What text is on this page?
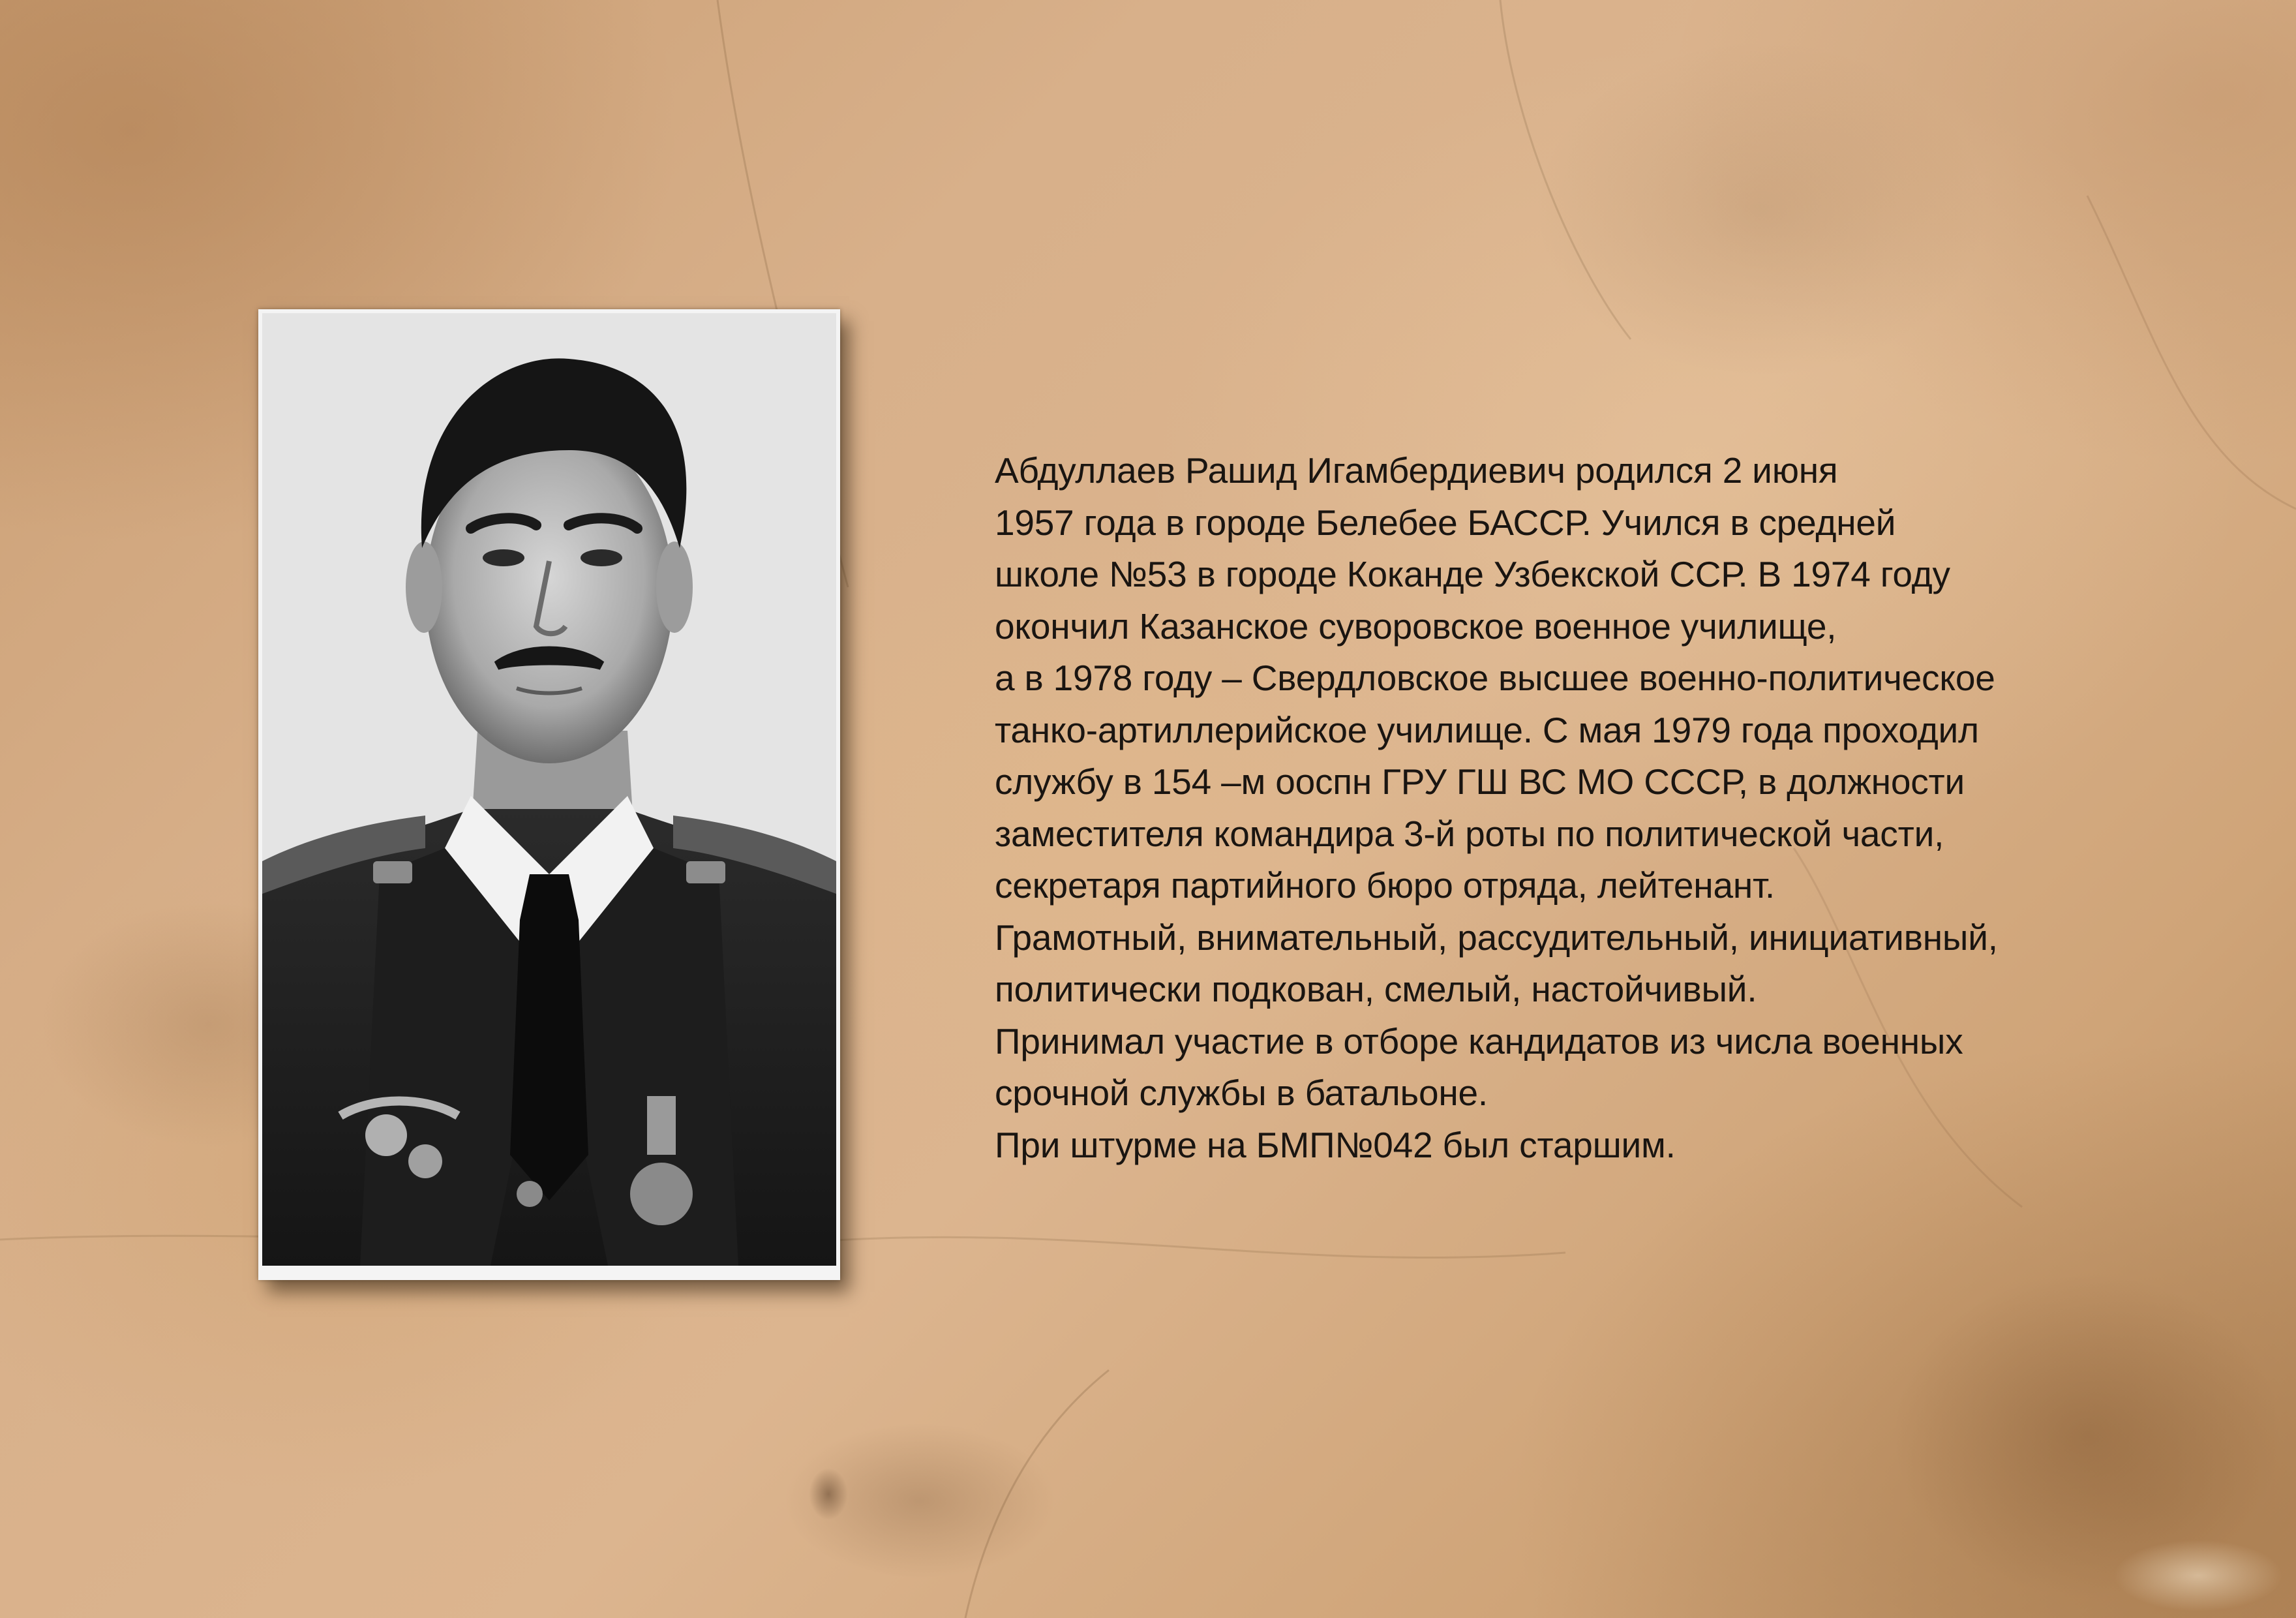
Абдуллаев Рашид Игамбердиевич родился 2 июня
1957 года в городе Белебее БАССР. Учился в средней
школе №53 в городе Коканде Узбекской ССР. В 1974 году
окончил Казанское суворовское военное училище,
а в 1978 году – Свердловское высшее военно-политическое
танко-артиллерийское училище. С мая 1979 года проходил
службу в 154 –м ооспн ГРУ ГШ ВС МО СССР, в должности
заместителя командира 3-й роты по политической части,
секретаря партийного бюро отряда, лейтенант.
Грамотный, внимательный, рассудительный, инициативный,
политически подкован, смелый, настойчивый.
Принимал участие в отборе кандидатов из числа военных
срочной службы в батальоне.
При штурме на БМП№042 был старшим.
